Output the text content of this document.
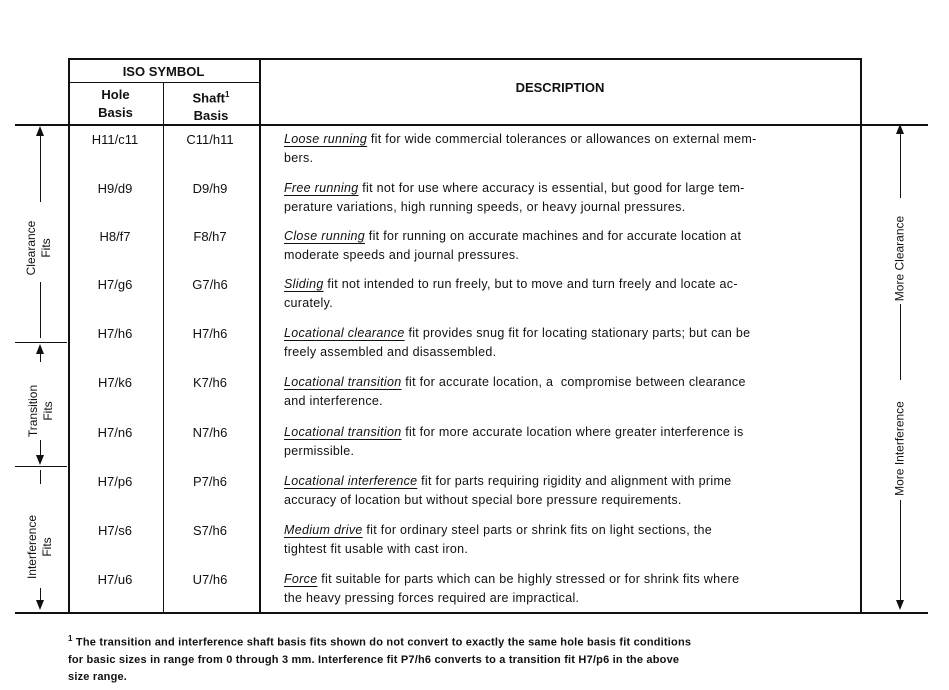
ISO SYMBOL
Hole
Basis
Shaft$^1$
Basis
DESCRIPTION
H11/c11	C11/h11	Loose running fit for wide commercial tolerances or allowances on external mem-
bers.
H9/d9	D9/h9	Free running fit not for use where accuracy is essential, but good for large tem-
perature variations, high running speeds, or heavy journal pressures.
H8/f7	F8/h7	Close running fit for running on accurate machines and for accurate location at
moderate speeds and journal pressures.
H7/g6	G7/h6	Sliding fit not intended to run freely, but to move and turn freely and locate ac-
curately.
H7/h6	H7/h6	Locational clearance fit provides snug fit for locating stationary parts; but can be
freely assembled and disassembled.
H7/k6	K7/h6	Locational transition fit for accurate location, a  compromise between clearance
and interference.
H7/n6	N7/h6	Locational transition fit for more accurate location where greater interference is
permissible.
H7/p6	P7/h6	Locational interference fit for parts requiring rigidity and alignment with prime
accuracy of location but without special bore pressure requirements.
H7/s6	S7/h6	Medium drive fit for ordinary steel parts or shrink fits on light sections, the
tightest fit usable with cast iron.
H7/u6	U7/h6	Force fit suitable for parts which can be highly stressed or for shrink fits where
the heavy pressing forces required are impractical.
Clearance
Fits
Transition
Fits
Interference
Fits
More Clearance
More Interference
$^1$ The transition and interference shaft basis fits shown do not convert to exactly the same hole basis fit conditions
for basic sizes in range from 0 through 3 mm. Interference fit P7/h6 converts to a transition fit H7/p6 in the above
size range.
